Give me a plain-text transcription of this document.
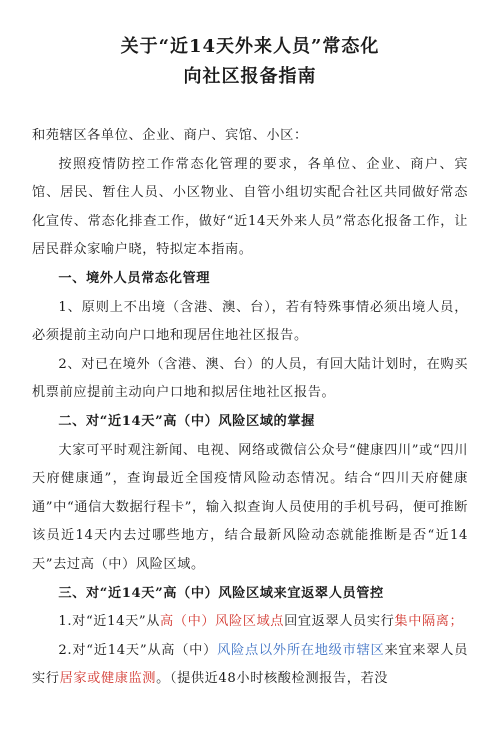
关于“近14天外来人员”常态化
向社区报备指南

和苑辖区各单位、企业、商户、宾馆、小区：

按照疫情防控工作常态化管理的要求，各单位、企业、商户、宾馆、居民、暂住人员、小区物业、自管小组切实配合社区共同做好常态化宣传、常态化排查工作，做好“近14天外来人员”常态化报备工作，让居民群众家喻户晓，特拟定本指南。

一、境外人员常态化管理

1、原则上不出境（含港、澳、台），若有特殊事情必须出境人员，必须提前主动向户口地和现居住地社区报告。

2、对已在境外（含港、澳、台）的人员，有回大陆计划时，在购买机票前应提前主动向户口地和拟居住地社区报告。

二、对“近14天”高（中）风险区域的掌握

大家可平时观注新闻、电视、网络或微信公众号“健康四川”或“四川天府健康通”，查询最近全国疫情风险动态情况。结合“四川天府健康通”中“通信大数据行程卡”，输入拟查询人员使用的手机号码，便可推断该员近14天内去过哪些地方，结合最新风险动态就能推断是否“近14天”去过高（中）风险区域。

三、对“近14天”高（中）风险区域来宜返翠人员管控

1.对“近14天”从高（中）风险区域点回宜返翠人员实行集中隔离；

2.对“近14天”从高（中）风险点以外所在地级市辖区来宜来翠人员实行居家或健康监测。（提供近48小时核酸检测报告，若没
